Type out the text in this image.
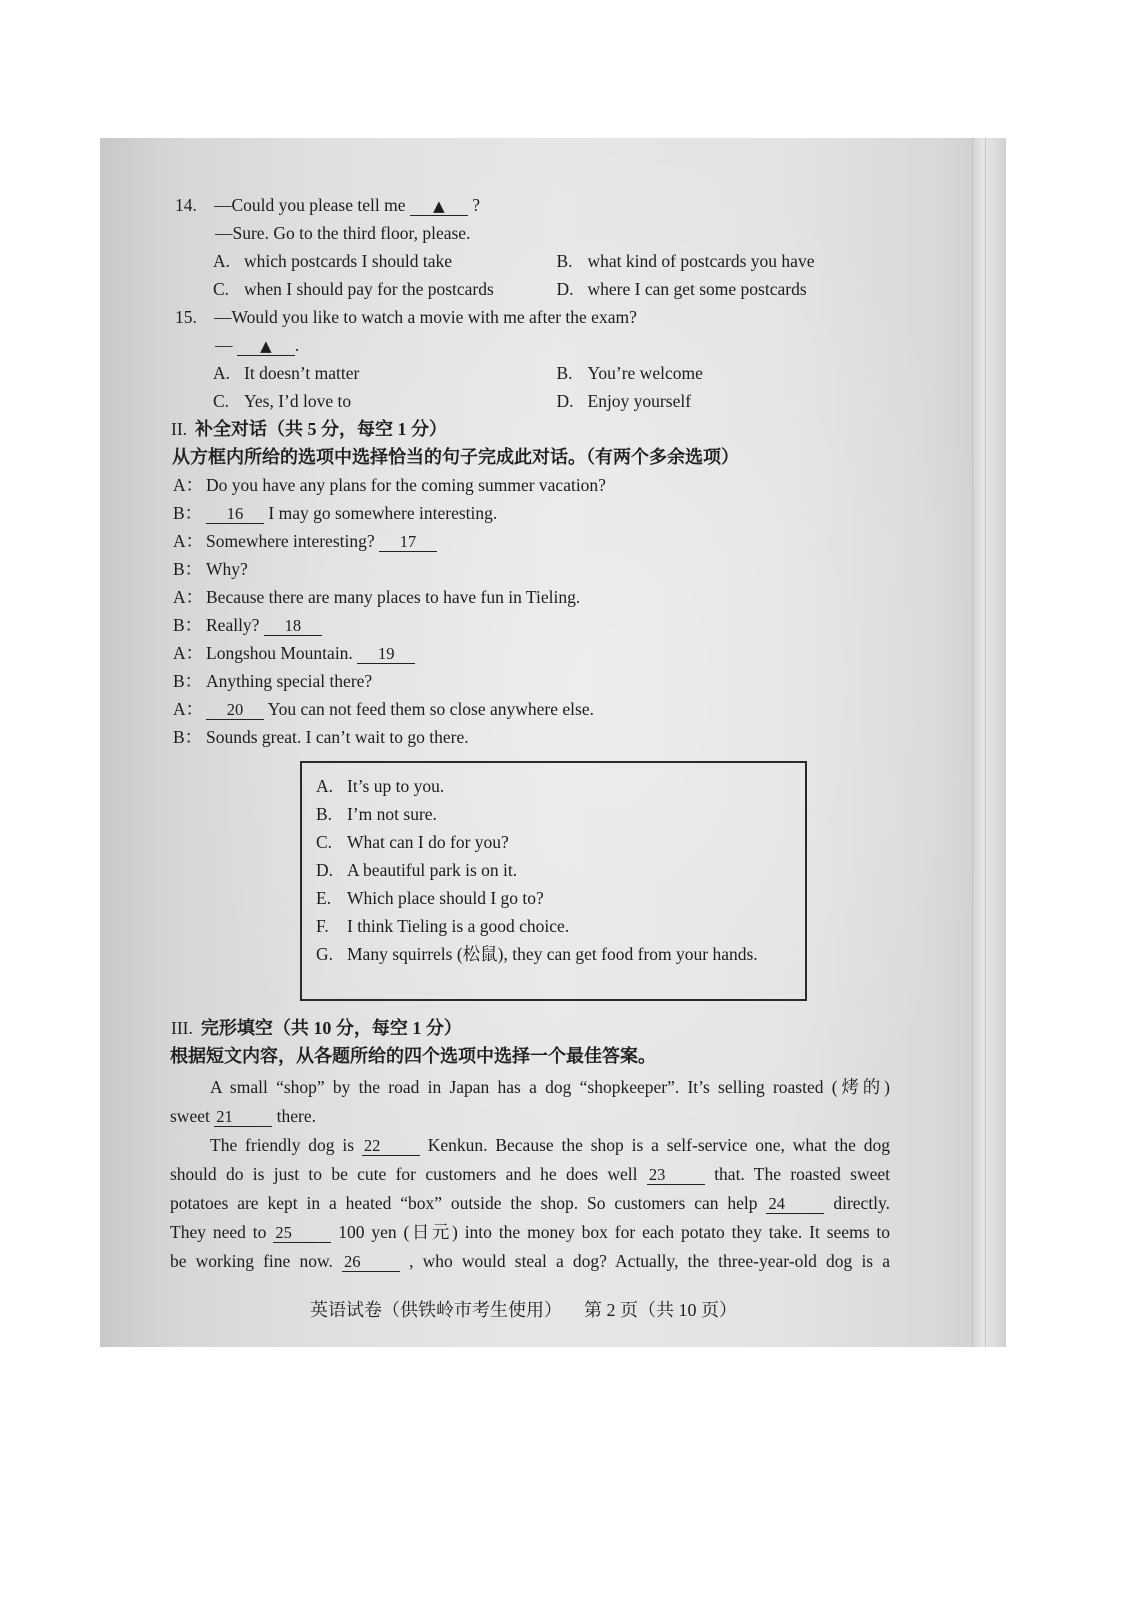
14. —Could you please tell me ▲ ?
—Sure. Go to the third floor, please.
A. which postcards I should take	B. what kind of postcards you have
C. when I should pay for the postcards	D. where I can get some postcards
15. —Would you like to watch a movie with me after the exam?
— ▲ .
A. It doesn’t matter	B. You’re welcome
C. Yes, I’d love to	D. Enjoy yourself
II. 补全对话（共 5 分，每空 1 分）
从方框内所给的选项中选择恰当的句子完成此对话。（有两个多余选项）
A： Do you have any plans for the coming summer vacation?
B： 16 I may go somewhere interesting.
A： Somewhere interesting? 17
B： Why?
A： Because there are many places to have fun in Tieling.
B： Really? 18
A： Longshou Mountain. 19
B： Anything special there?
A： 20 You can not feed them so close anywhere else.
B： Sounds great. I can’t wait to go there.
A. It’s up to you.
B. I’m not sure.
C. What can I do for you?
D. A beautiful park is on it.
E. Which place should I go to?
F. I think Tieling is a good choice.
G. Many squirrels (松鼠), they can get food from your hands.
III. 完形填空（共 10 分，每空 1 分）
根据短文内容，从各题所给的四个选项中选择一个最佳答案。
A small “shop” by the road in Japan has a dog “shopkeeper”. It’s selling roasted (烤的)
sweet 21	there.
The friendly dog is 22	Kenkun. Because the shop is a self-service one, what the dog
should do is just to be cute for customers and he does well 23	that. The roasted sweet
potatoes are kept in a heated “box” outside the shop. So customers can help 24	directly.
They need to 25	100 yen (日元) into the money box for each potato they take. It seems to
be working fine now. 26	, who would steal a dog? Actually, the three-year-old dog is a
英语试卷（供铁岭市考生使用） 第 2 页（共 10 页）
